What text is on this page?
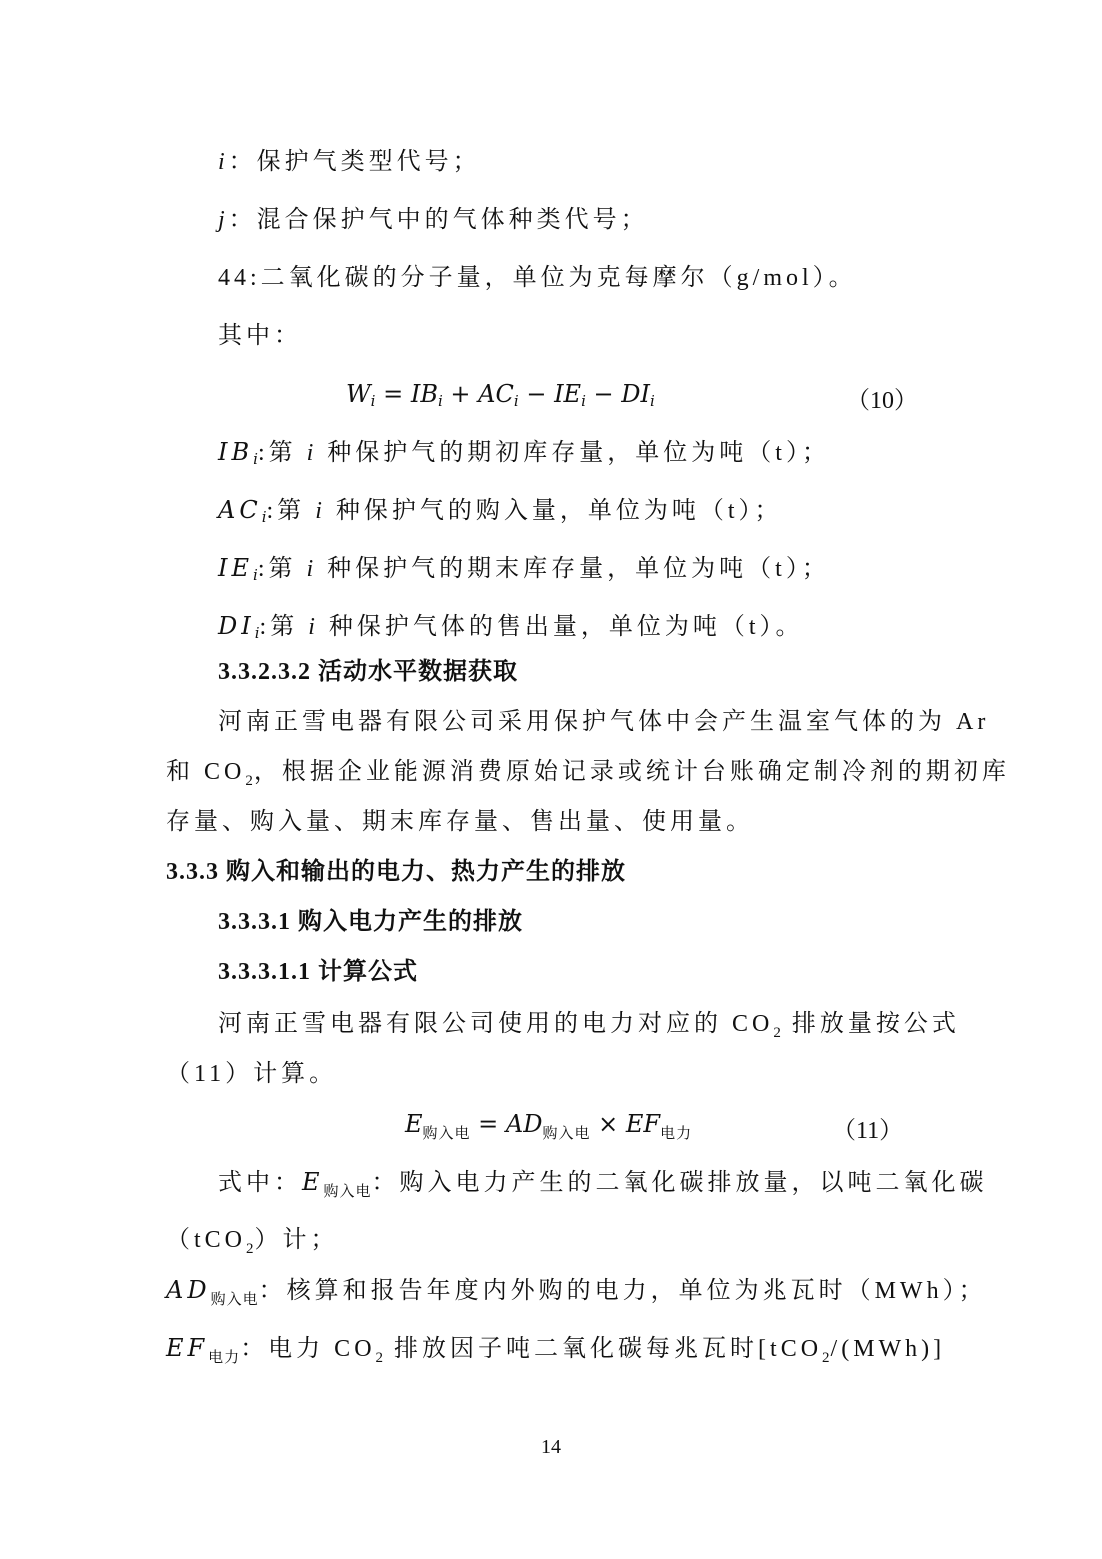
i：保护气类型代号；
j：混合保护气中的气体种类代号；
44:二氧化碳的分子量，单位为克每摩尔（g/mol）。
其中：
Wi = IBi + ACi − IEi − DIi	（10）
IBi:第 i 种保护气的期初库存量，单位为吨（t）；
ACi:第 i 种保护气的购入量，单位为吨（t）；
IEi:第 i 种保护气的期末库存量，单位为吨（t）；
DIi:第 i 种保护气体的售出量，单位为吨（t）。
3.3.2.3.2 活动水平数据获取
河南正雪电器有限公司采用保护气体中会产生温室气体的为 Ar
和 $CO_2$，根据企业能源消费原始记录或统计台账确定制冷剂的期初库
存量、购入量、期末库存量、售出量、使用量。
3.3.3 购入和输出的电力、热力产生的排放
3.3.3.1 购入电力产生的排放
3.3.3.1.1 计算公式
河南正雪电器有限公司使用的电力对应的 $CO_2$ 排放量按公式
（11）计算。
$E_{购入电} = AD_{购入电} \times EF_{电力}$	（11）
式中：$E_{购入电}$：购入电力产生的二氧化碳排放量，以吨二氧化碳
（tCO$_2$）计；
$AD_{购入电}$：核算和报告年度内外购的电力，单位为兆瓦时（MWh）；
$EF_{电力}$：电力 $CO_2$ 排放因子吨二氧化碳每兆瓦时[tCO$_2$/(MWh)]
14
